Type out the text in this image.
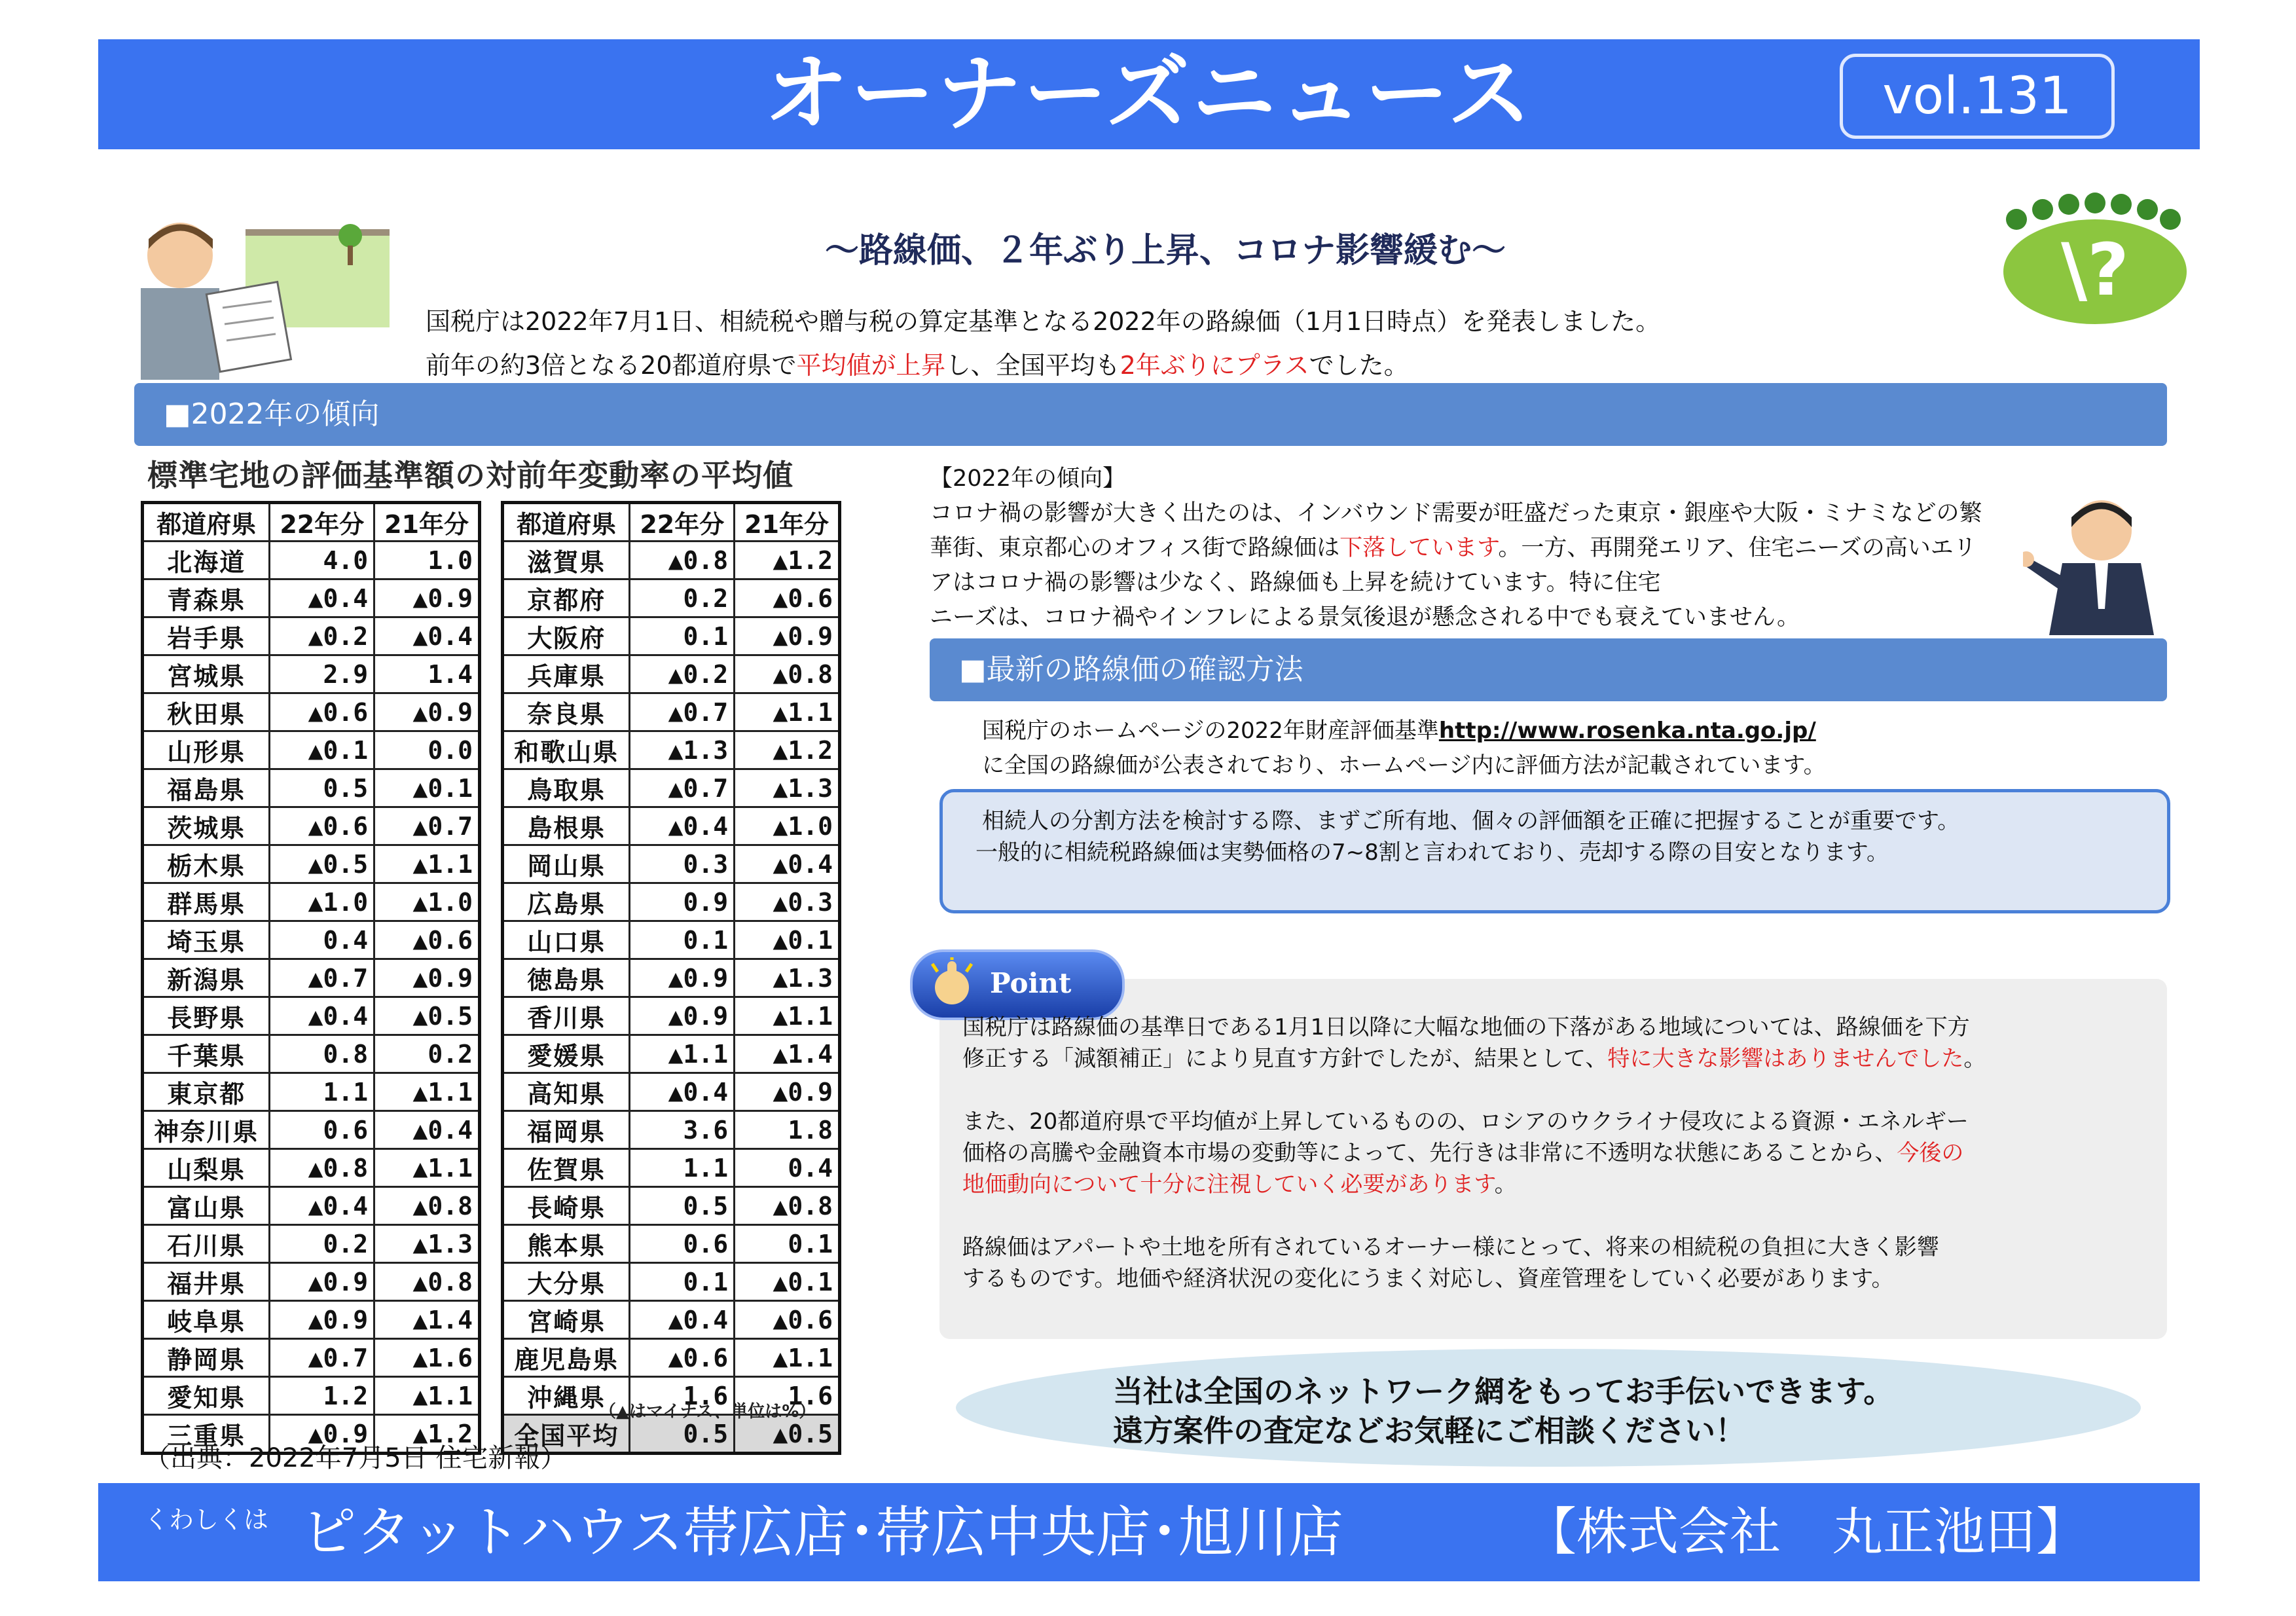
オーナーズニュース	vol.131
\?
～路線価、２年ぶり上昇、コロナ影響緩む～
国税庁は2022年7月1日、相続税や贈与税の算定基準となる2022年の路線価（1月1日時点）を発表しました。
前年の約3倍となる20都道府県で平均値が上昇し、全国平均も2年ぶりにプラスでした。
■2022年の傾向
標準宅地の評価基準額の対前年変動率の平均値
都道府県	22年分	21年分
北海道	4.0	1.0
青森県	▲0.4	▲0.9
岩手県	▲0.2	▲0.4
宮城県	2.9	1.4
秋田県	▲0.6	▲0.9
山形県	▲0.1	0.0
福島県	0.5	▲0.1
茨城県	▲0.6	▲0.7
栃木県	▲0.5	▲1.1
群馬県	▲1.0	▲1.0
埼玉県	0.4	▲0.6
新潟県	▲0.7	▲0.9
長野県	▲0.4	▲0.5
千葉県	0.8	0.2
東京都	1.1	▲1.1
神奈川県	0.6	▲0.4
山梨県	▲0.8	▲1.1
富山県	▲0.4	▲0.8
石川県	0.2	▲1.3
福井県	▲0.9	▲0.8
岐阜県	▲0.9	▲1.4
静岡県	▲0.7	▲1.6
愛知県	1.2	▲1.1
三重県	▲0.9	▲1.2
都道府県	22年分	21年分
滋賀県	▲0.8	▲1.2
京都府	0.2	▲0.6
大阪府	0.1	▲0.9
兵庫県	▲0.2	▲0.8
奈良県	▲0.7	▲1.1
和歌山県	▲1.3	▲1.2
鳥取県	▲0.7	▲1.3
島根県	▲0.4	▲1.0
岡山県	0.3	▲0.4
広島県	0.9	▲0.3
山口県	0.1	▲0.1
徳島県	▲0.9	▲1.3
香川県	▲0.9	▲1.1
愛媛県	▲1.1	▲1.4
高知県	▲0.4	▲0.9
福岡県	3.6	1.8
佐賀県	1.1	0.4
長崎県	0.5	▲0.8
熊本県	0.6	0.1
大分県	0.1	▲0.1
宮崎県	▲0.4	▲0.6
鹿児島県	▲0.6	▲1.1
沖縄県	1.6	1.6
全国平均	0.5	▲0.5
（▲はマイナス、単位は%）
（出典：2022年7月5日 住宅新報）
【2022年の傾向】
コロナ禍の影響が大きく出たのは、インバウンド需要が旺盛だった東京・銀座や大阪・ミナミなどの繁
華街、東京都心のオフィス街で路線価は下落しています。一方、再開発エリア、住宅ニーズの高いエリ
アはコロナ禍の影響は少なく、路線価も上昇を続けています。特に住宅
ニーズは、コロナ禍やインフレによる景気後退が懸念される中でも衰えていません。
■最新の路線価の確認方法
国税庁のホームページの2022年財産評価基準http://www.rosenka.nta.go.jp/
に全国の路線価が公表されており、ホームページ内に評価方法が記載されています。
相続人の分割方法を検討する際、まずご所有地、個々の評価額を正確に把握することが重要です。
一般的に相続税路線価は実勢価格の7~8割と言われており、売却する際の目安となります。
Point
国税庁は路線価の基準日である1月1日以降に大幅な地価の下落がある地域については、路線価を下方
修正する「減額補正」により見直す方針でしたが、結果として、特に大きな影響はありませんでした。
また、20都道府県で平均値が上昇しているものの、ロシアのウクライナ侵攻による資源・エネルギー
価格の高騰や金融資本市場の変動等によって、先行きは非常に不透明な状態にあることから、今後の
地価動向について十分に注視していく必要があります。
路線価はアパートや土地を所有されているオーナー様にとって、将来の相続税の負担に大きく影響
するものです。地価や経済状況の変化にうまく対応し、資産管理をしていく必要があります。
当社は全国のネットワーク網をもってお手伝いできます。
遠方案件の査定などお気軽にご相談ください！
くわしくは ピタットハウス帯広店･帯広中央店･旭川店	【株式会社　丸正池田】
